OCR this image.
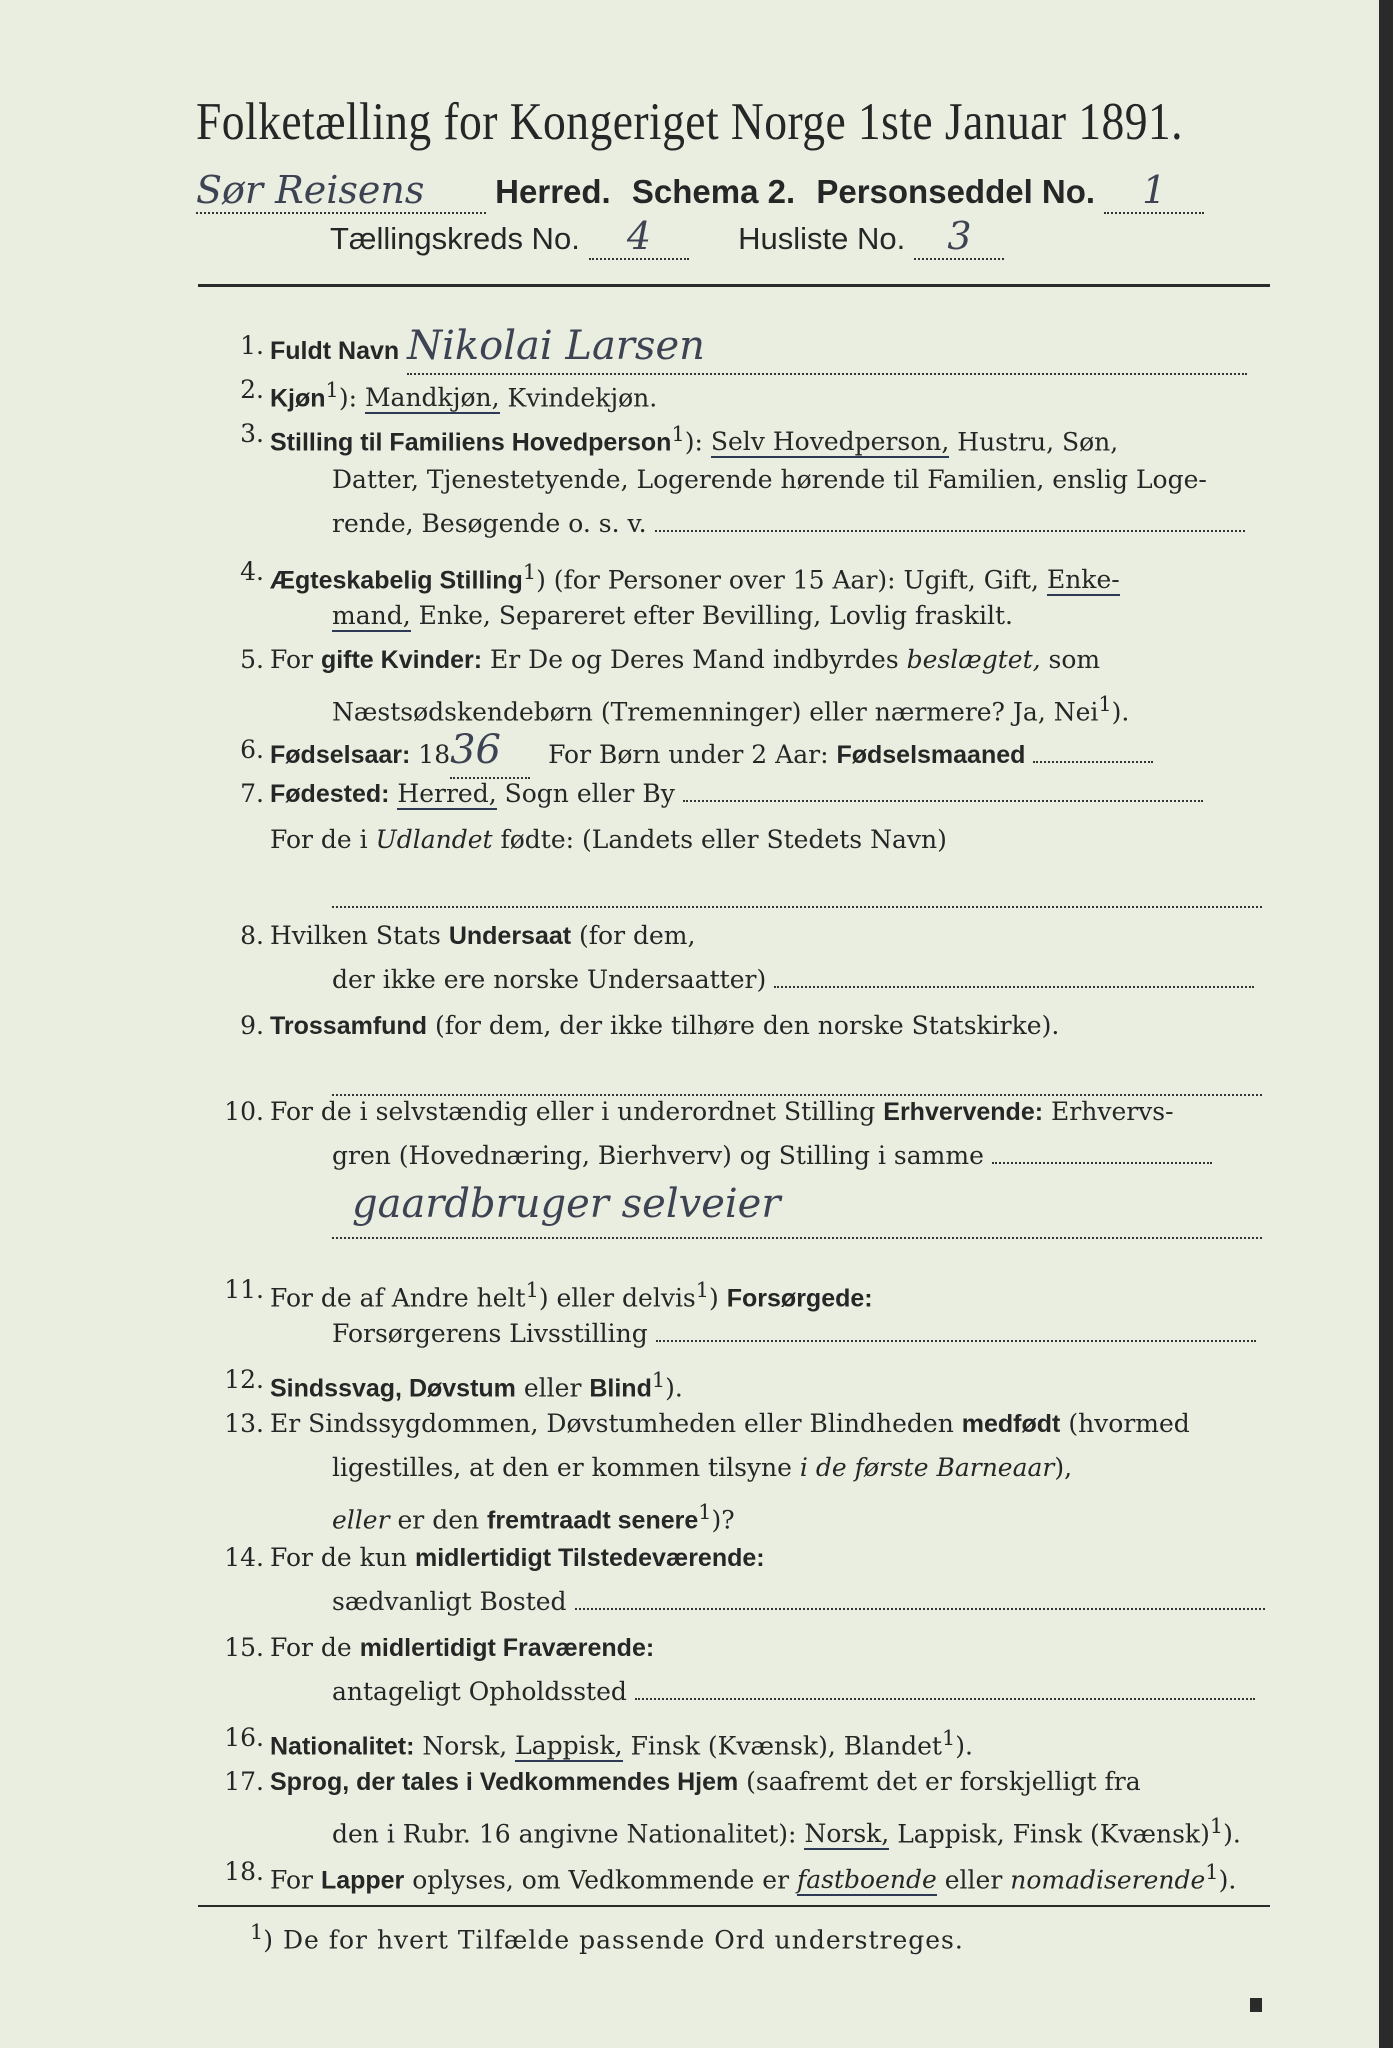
Folketælling for Kongeriget Norge 1ste Januar 1891.
Sør Reisens Herred. Schema 2. Personseddel No. 1
Tællingskreds No. 4	Husliste No. 3
1. Fuldt Navn Nikolai Larsen
2. Kjøn$^1$): Mandkjøn, Kvindekjøn.
3. Stilling til Familiens Hovedperson$^1$): Selv Hovedperson, Hustru, Søn,
Datter, Tjenestetyende, Logerende hørende til Familien, enslig Loge-
rende, Besøgende o. s. v.
4. Ægteskabelig Stilling$^1$) (for Personer over 15 Aar): Ugift, Gift, Enke-
mand, Enke, Separeret efter Bevilling, Lovlig fraskilt.
5. For gifte Kvinder: Er De og Deres Mand indbyrdes beslægtet, som
Næstsødskendebørn (Tremenninger) eller nærmere? Ja, Nei$^1$).
6. Fødselsaar: 1836 For Børn under 2 Aar: Fødselsmaaned
7. Fødested: Herred, Sogn eller By
For de i Udlandet fødte: (Landets eller Stedets Navn)

8. Hvilken Stats Undersaat (for dem,
der ikke ere norske Undersaatter)
9. Trossamfund (for dem, der ikke tilhøre den norske Statskirke).

10. For de i selvstændig eller i underordnet Stilling Erhvervende: Erhvervs-
gren (Hovednæring, Bierhverv) og Stilling i samme
gaardbruger selveier
11. For de af Andre helt$^1$) eller delvis$^1$) Forsørgede:
Forsørgerens Livsstilling
12. Sindssvag, Døvstum eller Blind$^1$).
13. Er Sindssygdommen, Døvstumheden eller Blindheden medfødt (hvormed
ligestilles, at den er kommen tilsyne i de første Barneaar),
eller er den fremtraadt senere$^1$)?
14. For de kun midlertidigt Tilstedeværende:
sædvanligt Bosted
15. For de midlertidigt Fraværende:
antageligt Opholdssted
16. Nationalitet: Norsk, Lappisk, Finsk (Kvænsk), Blandet$^1$).
17. Sprog, der tales i Vedkommendes Hjem (saafremt det er forskjelligt fra
den i Rubr. 16 angivne Nationalitet): Norsk, Lappisk, Finsk (Kvænsk)$^1$).
18. For Lapper oplyses, om Vedkommende er fastboende eller nomadiserende$^1$).
$^1$) De for hvert Tilfælde passende Ord understreges.
